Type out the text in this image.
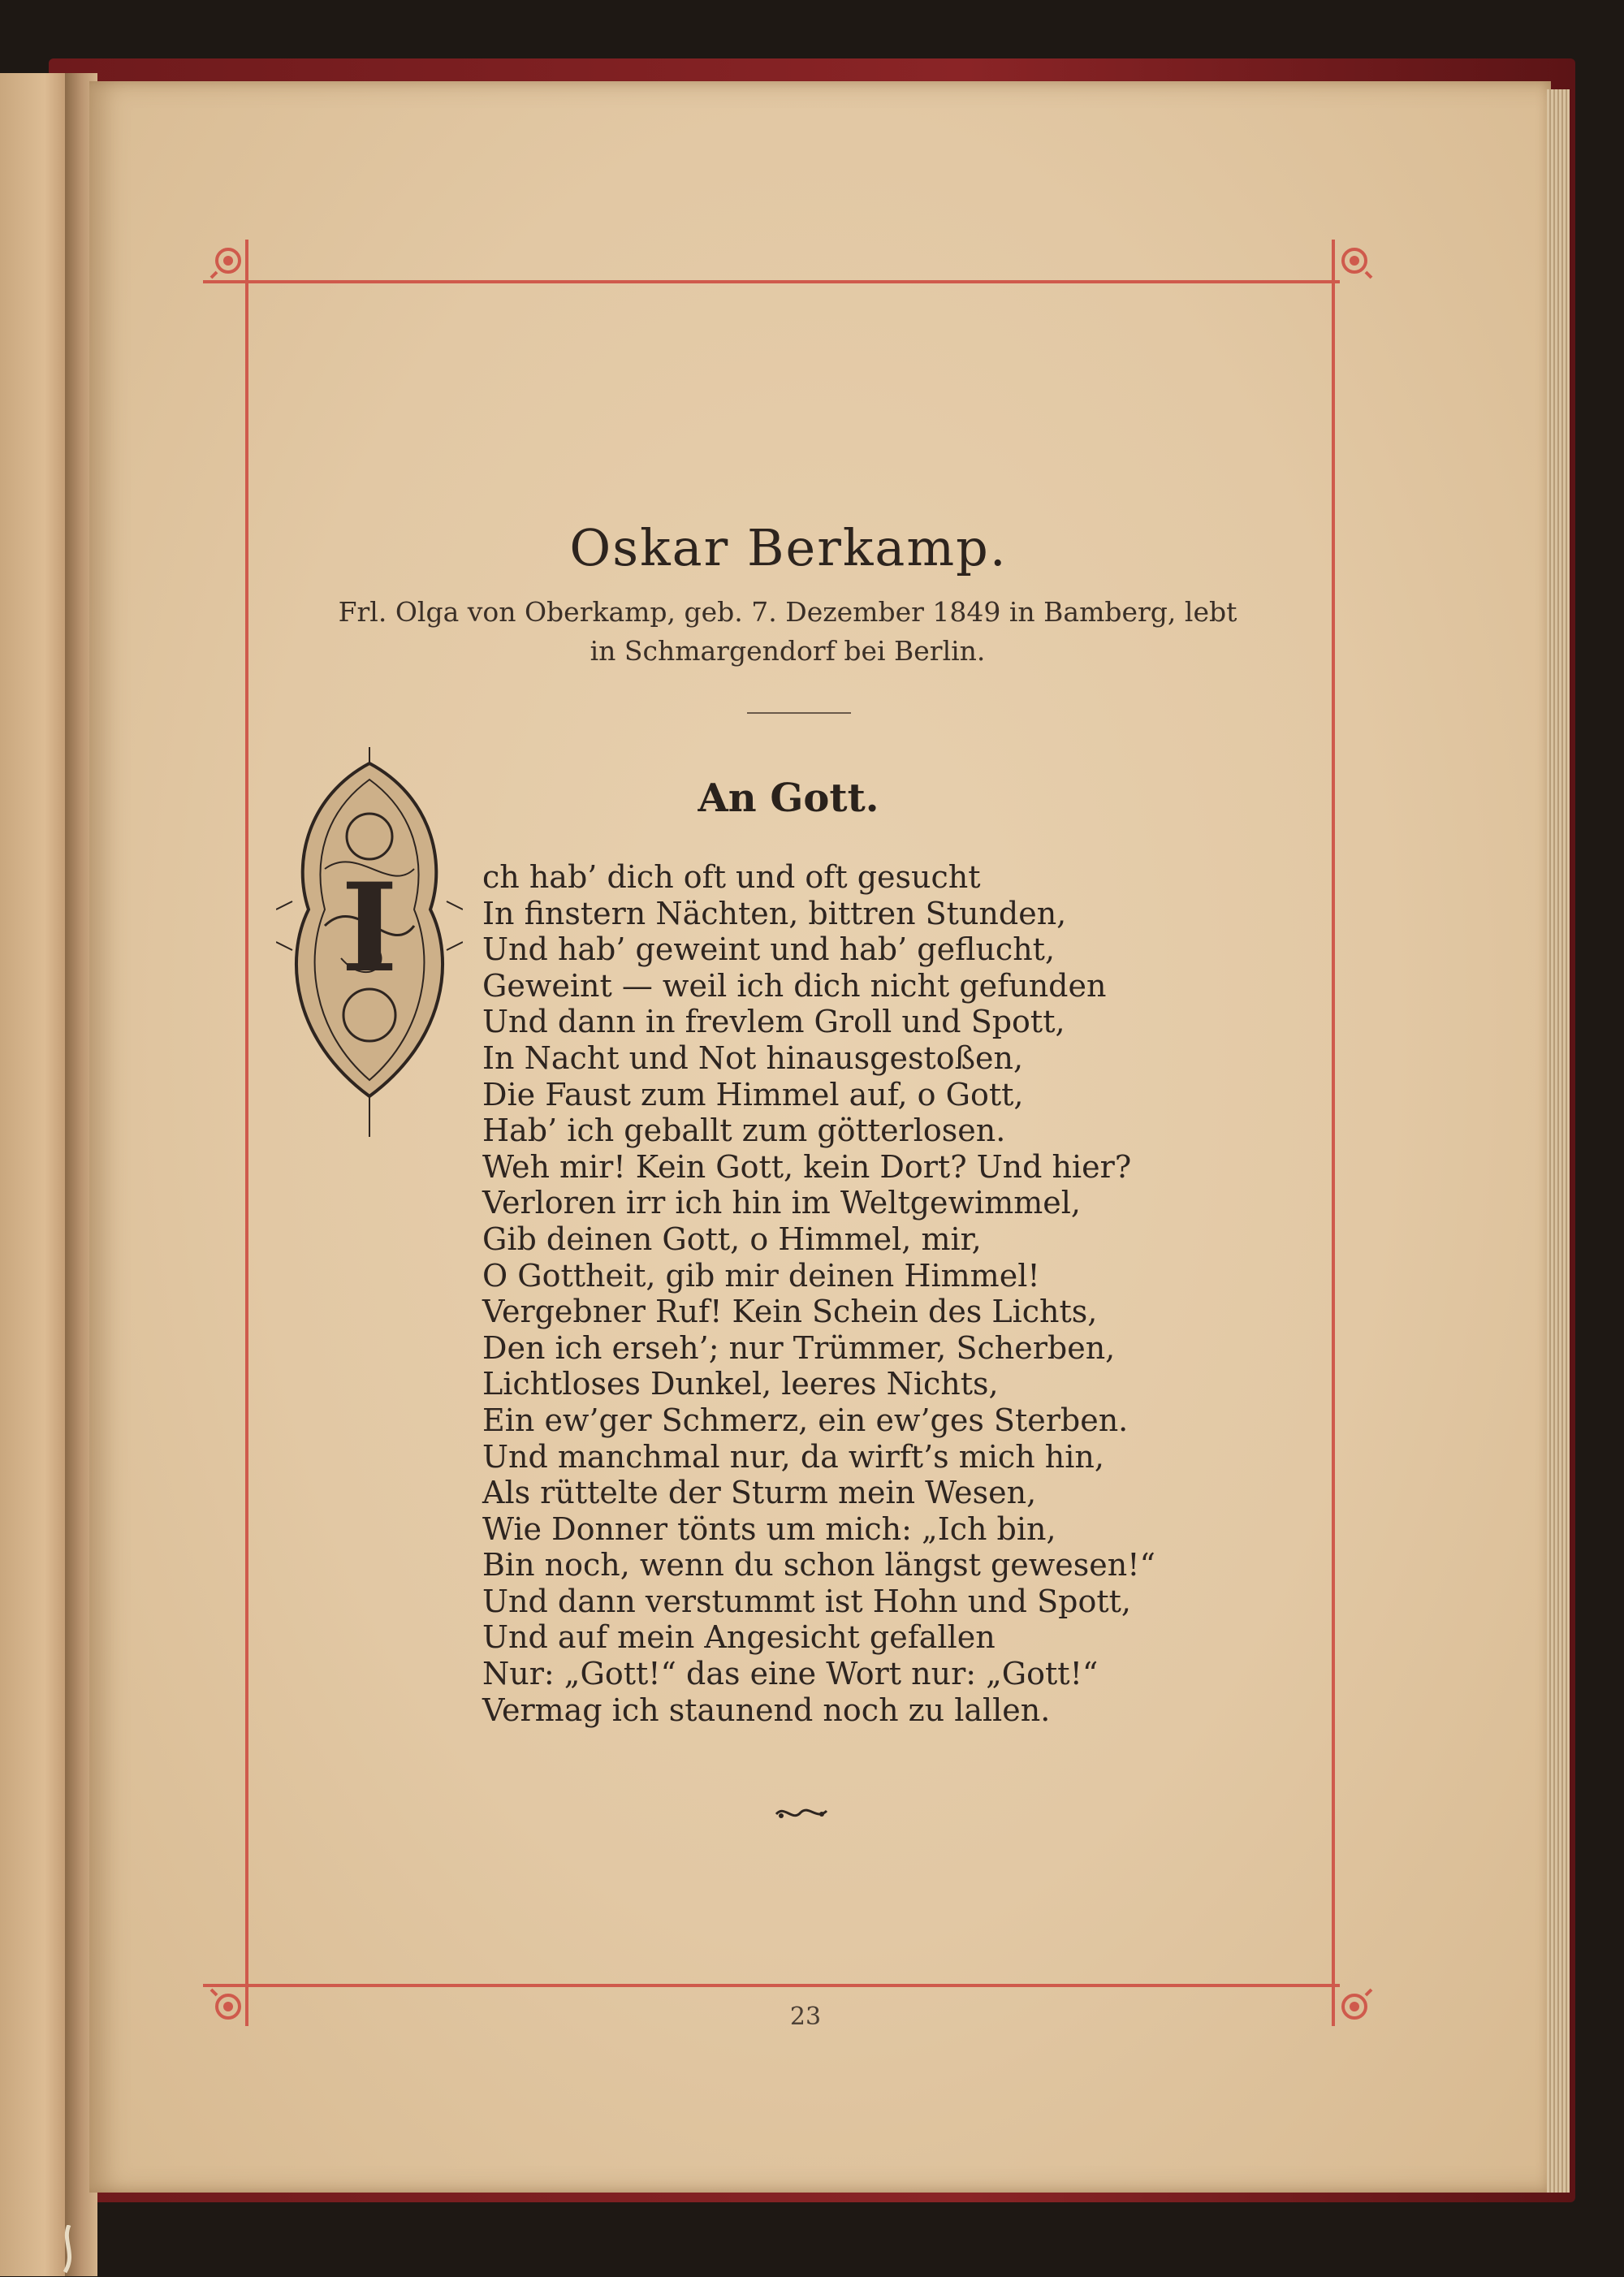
Oskar Berkamp.
Frl. Olga von Oberkamp, geb. 7. Dezember 1849 in Bamberg, lebt
in Schmargendorf bei Berlin.
An Gott.
I	ch hab’ dich oft und oft gesucht
In finstern Nächten, bittren Stunden,
Und hab’ geweint und hab’ geflucht,
Geweint — weil ich dich nicht gefunden
Und dann in frevlem Groll und Spott,
In Nacht und Not hinausgestoßen,
Die Faust zum Himmel auf, o Gott,
Hab’ ich geballt zum götterlosen.
Weh mir! Kein Gott, kein Dort? Und hier?
Verloren irr ich hin im Weltgewimmel,
Gib deinen Gott, o Himmel, mir,
O Gottheit, gib mir deinen Himmel!
Vergebner Ruf! Kein Schein des Lichts,
Den ich erseh’; nur Trümmer, Scherben,
Lichtloses Dunkel, leeres Nichts,
Ein ew’ger Schmerz, ein ew’ges Sterben.
Und manchmal nur, da wirft’s mich hin,
Als rüttelte der Sturm mein Wesen,
Wie Donner tönts um mich: „Ich bin,
Bin noch, wenn du schon längst gewesen!“
Und dann verstummt ist Hohn und Spott,
Und auf mein Angesicht gefallen
Nur: „Gott!“ das eine Wort nur: „Gott!“
Vermag ich staunend noch zu lallen.
23
